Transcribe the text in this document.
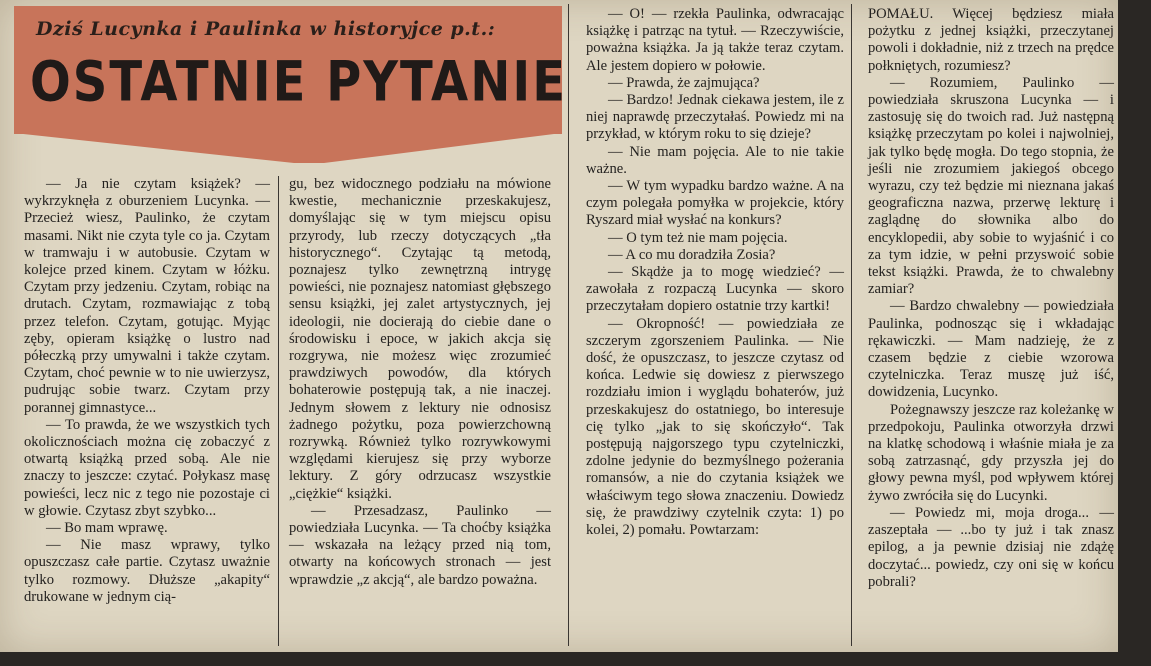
Dziś Lucynka i Paulinka w historyjce p.t.:
OSTATNIE PYTANIE

— Ja nie czytam książek? — wykrzyknęła z oburzeniem Lucynka. — Przecież wiesz, Paulinko, że czytam masami. Nikt nie czyta tyle co ja. Czytam w tramwaju i w autobusie. Czytam w kolejce przed kinem. Czytam w łóżku. Czytam przy jedzeniu. Czytam, robiąc na drutach. Czytam, rozmawiając z tobą przez telefon. Czytam, gotując. Myjąc zęby, opieram książkę o lustro nad półeczką przy umywalni i także czytam. Czytam, choć pewnie w to nie uwierzysz, pudrując sobie twarz. Czytam przy porannej gimnastyce...

— To prawda, że we wszystkich tych okolicznościach można cię zobaczyć z otwartą książką przed sobą. Ale nie znaczy to jeszcze: czytać. Połykasz masę powieści, lecz nic z tego nie pozostaje ci w głowie. Czytasz zbyt szybko...

— Bo mam wprawę.

— Nie masz wprawy, tylko opuszczasz całe partie. Czytasz uważnie tylko rozmowy. Dłuższe „akapity“ drukowane w jednym cią-

gu, bez widocznego podziału na mówione kwestie, mechanicznie przeskakujesz, domyślając się w tym miejscu opisu przyrody, lub rzeczy dotyczących „tła historycznego“. Czytając tą metodą, poznajesz tylko zewnętrzną intrygę powieści, nie poznajesz natomiast głębszego sensu książki, jej zalet artystycznych, jej ideologii, nie docierają do ciebie dane o środowisku i epoce, w jakich akcja się rozgrywa, nie możesz więc zrozumieć prawdziwych powodów, dla których bohaterowie postępują tak, a nie inaczej. Jednym słowem z lektury nie odnosisz żadnego pożytku, poza powierzchowną rozrywką. Również tylko rozrywkowymi względami kierujesz się przy wyborze lektury. Z góry odrzucasz wszystkie „ciężkie“ książki.

— Przesadzasz, Paulinko — powiedziała Lucynka. — Ta choćby książka — wskazała na leżący przed nią tom, otwarty na końcowych stronach — jest wprawdzie „z akcją“, ale bardzo poważna.

— O! — rzekła Paulinka, odwracając książkę i patrząc na tytuł. — Rzeczywiście, poważna książka. Ja ją także teraz czytam. Ale jestem dopiero w połowie.

— Prawda, że zajmująca?

— Bardzo! Jednak ciekawa jestem, ile z niej naprawdę przeczytałaś. Powiedz mi na przykład, w którym roku to się dzieje?

— Nie mam pojęcia. Ale to nie takie ważne.

— W tym wypadku bardzo ważne. A na czym polegała pomyłka w projekcie, który Ryszard miał wysłać na konkurs?

— O tym też nie mam pojęcia.

— A co mu doradziła Zosia?

— Skądże ja to mogę wiedzieć? — zawołała z rozpaczą Lucynka — skoro przeczytałam dopiero ostatnie trzy kartki!

— Okropność! — powiedziała ze szczerym zgorszeniem Paulinka. — Nie dość, że opuszczasz, to jeszcze czytasz od końca. Ledwie się dowiesz z pierwszego rozdziału imion i wyglądu bohaterów, już przeskakujesz do ostatniego, bo interesuje cię tylko „jak to się skończyło“. Tak postępują najgorszego typu czytelniczki, zdolne jedynie do bezmyślnego pożerania romansów, a nie do czytania książek we właściwym tego słowa znaczeniu. Dowiedz się, że prawdziwy czytelnik czyta: 1) po kolei, 2) pomału. Powtarzam:

POMAŁU. Więcej będziesz miała pożytku z jednej książki, przeczytanej powoli i dokładnie, niż z trzech na prędce połkniętych, rozumiesz?

— Rozumiem, Paulinko — powiedziała skruszona Lucynka — i zastosuję się do twoich rad. Już następną książkę przeczytam po kolei i najwolniej, jak tylko będę mogła. Do tego stopnia, że jeśli nie zrozumiem jakiegoś obcego wyrazu, czy też będzie mi nieznana jakaś geograficzna nazwa, przerwę lekturę i zaglądnę do słownika albo do encyklopedii, aby sobie to wyjaśnić i co za tym idzie, w pełni przyswoić sobie tekst książki. Prawda, że to chwalebny zamiar?

— Bardzo chwalebny — powiedziała Paulinka, podnosząc się i wkładając rękawiczki. — Mam nadzieję, że z czasem będzie z ciebie wzorowa czytelniczka. Teraz muszę już iść, dowidzenia, Lucynko.

Pożegnawszy jeszcze raz koleżankę w przedpokoju, Paulinka otworzyła drzwi na klatkę schodową i właśnie miała je za sobą zatrzasnąć, gdy przyszła jej do głowy pewna myśl, pod wpływem której żywo zwróciła się do Lucynki.

— Powiedz mi, moja droga... — zaszeptała — ...bo ty już i tak znasz epilog, a ja pewnie dzisiaj nie zdążę doczytać... powiedz, czy oni się w końcu pobrali?
